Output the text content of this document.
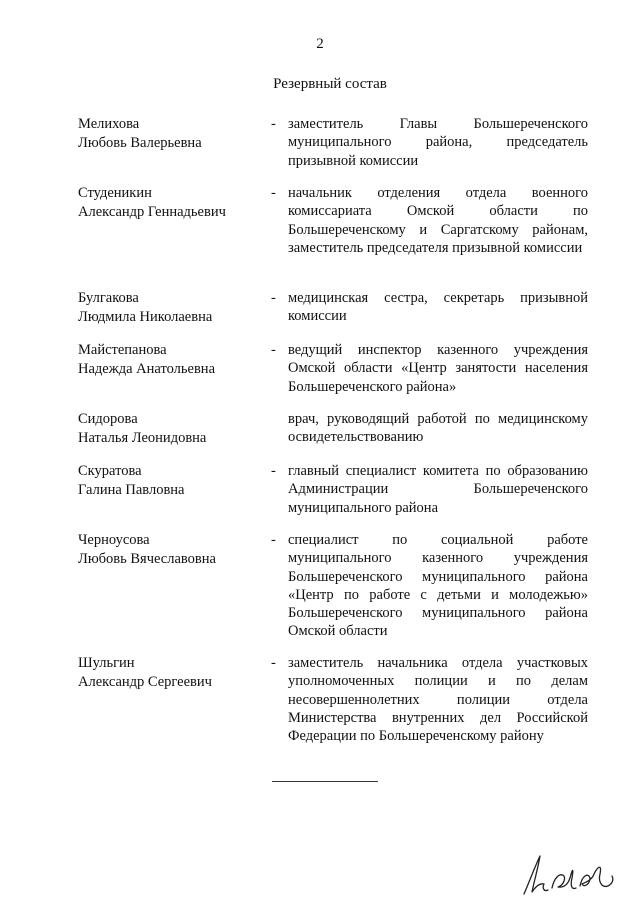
2
Резервный состав
Мелихова
Любовь Валерьевна
- заместитель Главы Большереченского муниципального района, председатель призывной комиссии
Студеникин
Александр Геннадьевич
- начальник отделения отдела военного комиссариата Омской области по Большереченскому и Саргатскому районам, заместитель председателя призывной комиссии
Булгакова
Людмила Николаевна
- медицинская сестра, секретарь призывной комиссии
Майстепанова
Надежда Анатольевна
- ведущий инспектор казенного учреждения Омской области «Центр занятости населения Большереченского района»
Сидорова
Наталья Леонидовна
врач, руководящий работой по медицинскому освидетельствованию
Скуратова
Галина Павловна
- главный специалист комитета по образованию Администрации Большереченского муниципального района
Черноусова
Любовь Вячеславовна
- специалист по социальной работе муниципального казенного учреждения Большереченского муниципального района «Центр по работе с детьми и молодежью» Большереченского муниципального района Омской области
Шульгин
Александр Сергеевич
- заместитель начальника отдела участковых уполномоченных полиции и по делам несовершеннолетних полиции отдела Министерства внутренних дел Российской Федерации по Большереченскому району
